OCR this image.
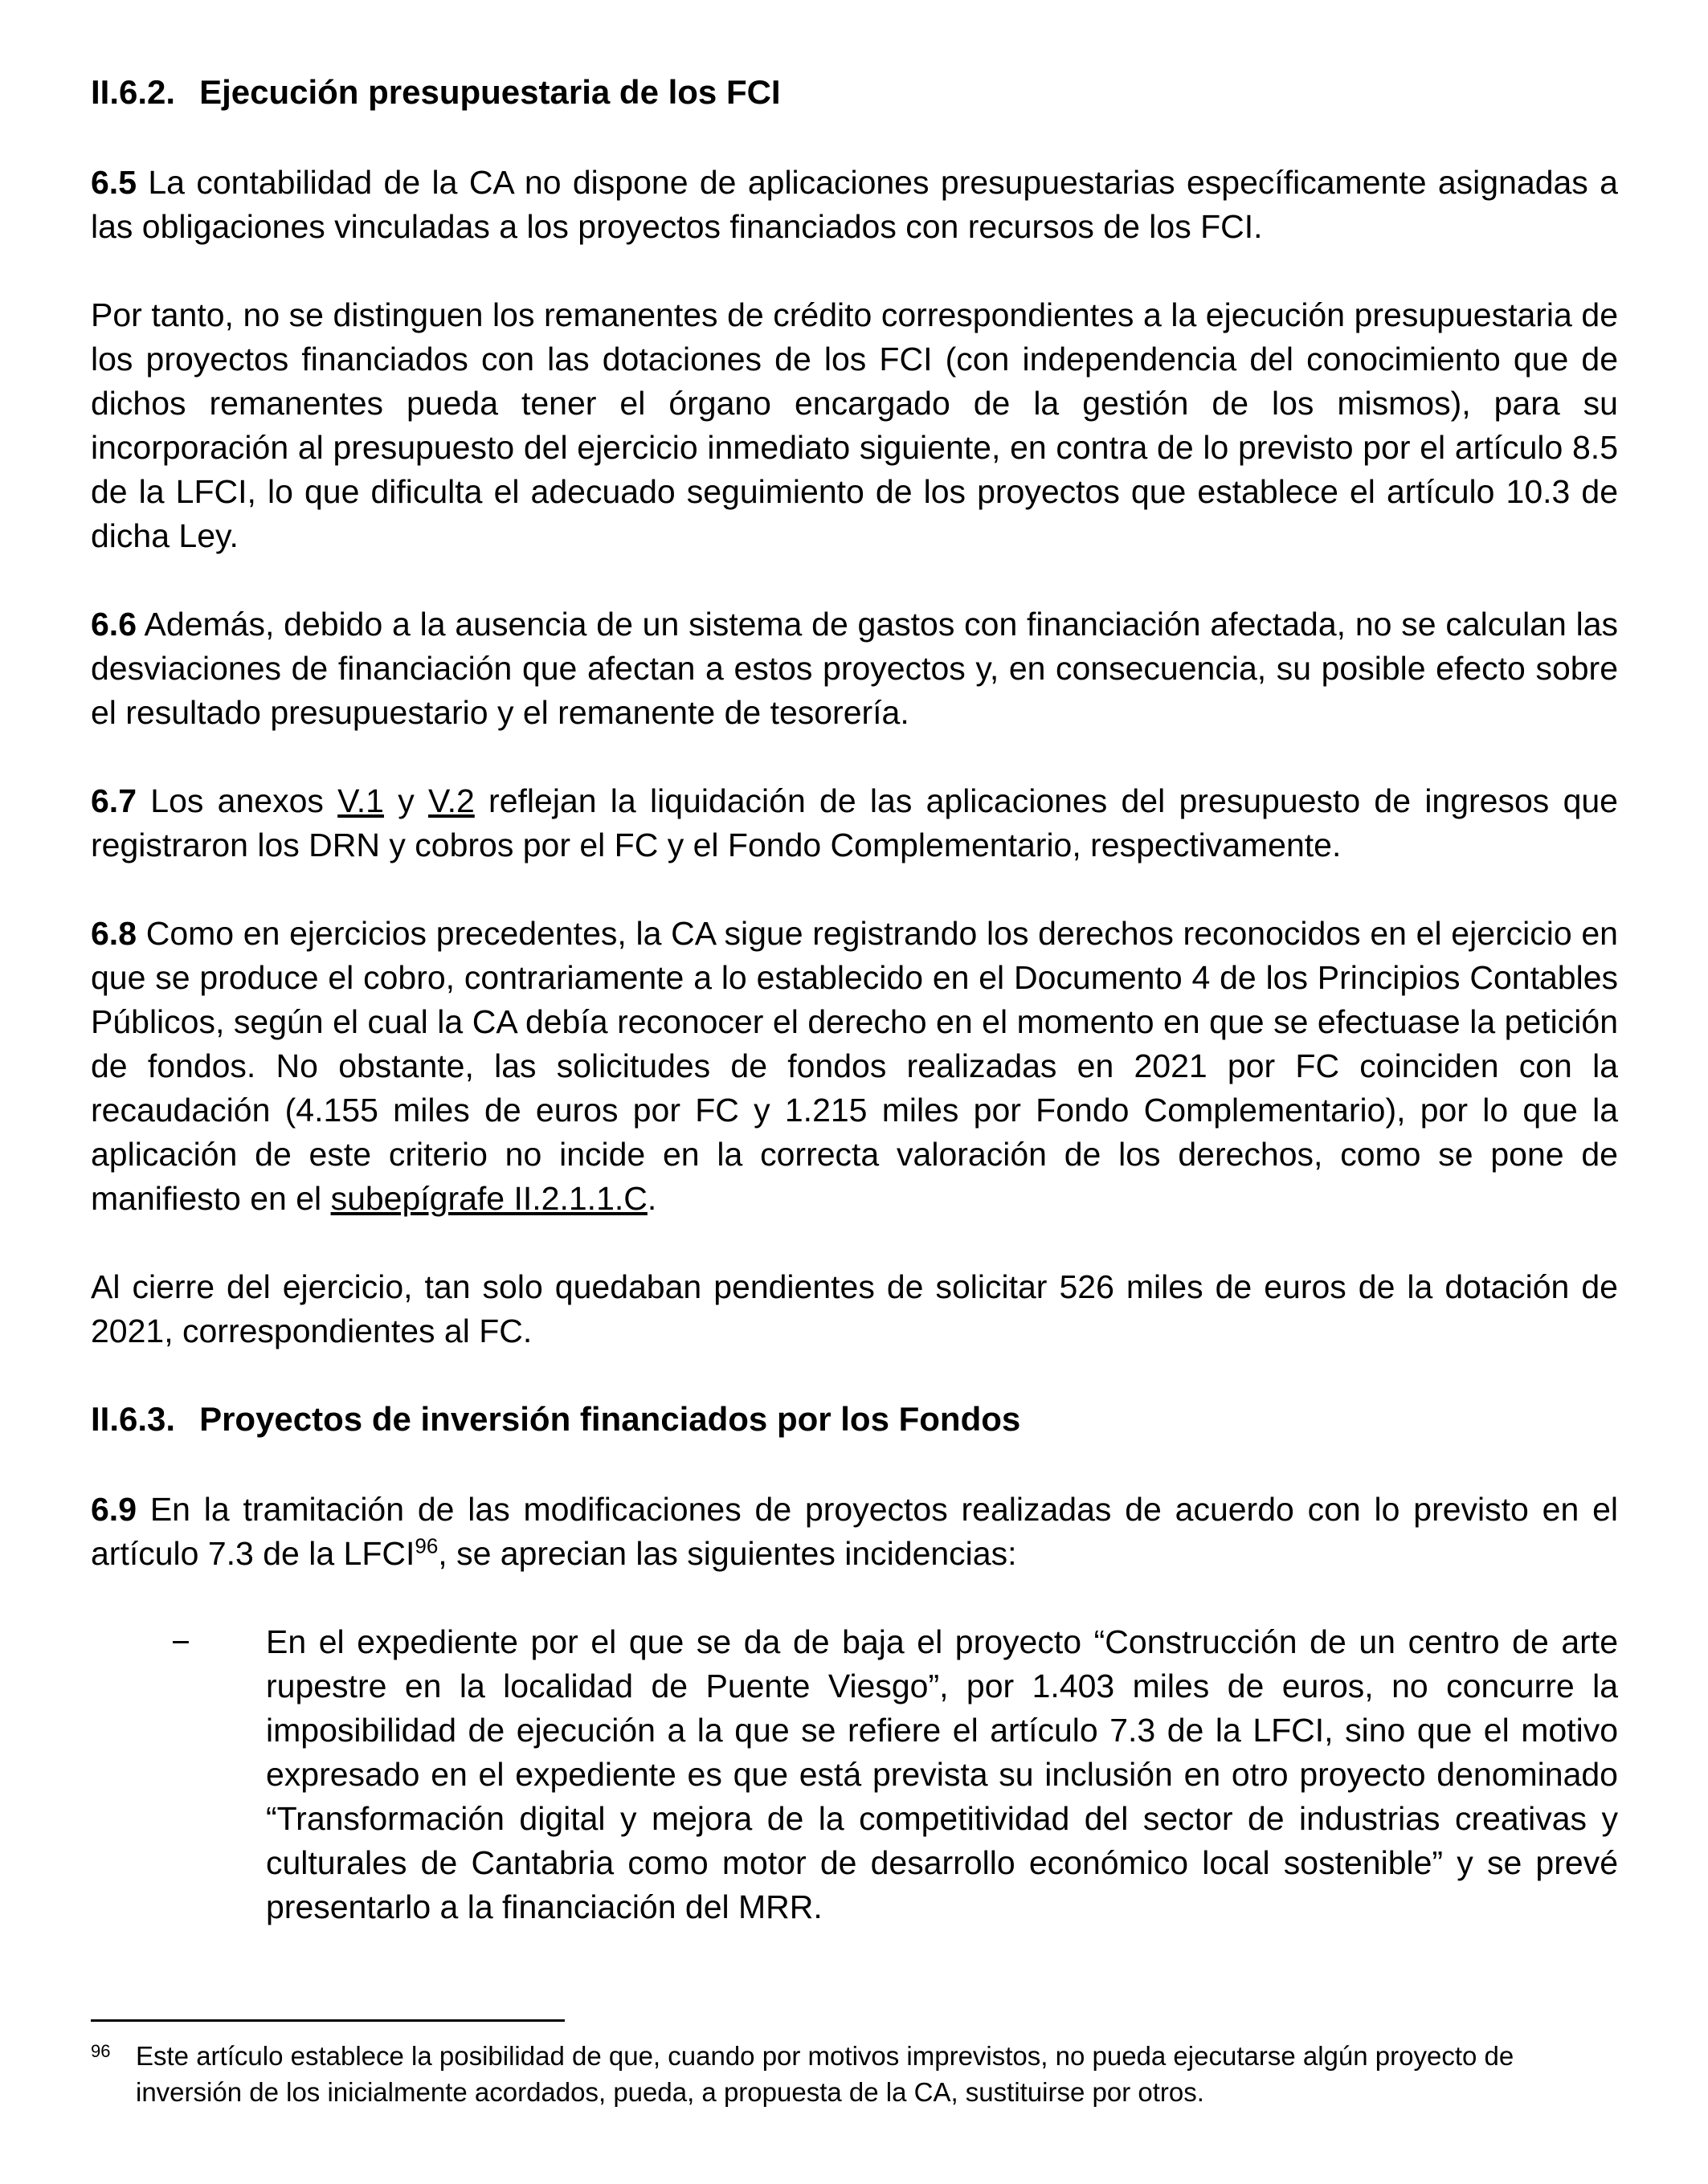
II.6.2. Ejecución presupuestaria de los FCI

6.5 La contabilidad de la CA no dispone de aplicaciones presupuestarias específicamente asignadas a las obligaciones vinculadas a los proyectos financiados con recursos de los FCI.

Por tanto, no se distinguen los remanentes de crédito correspondientes a la ejecución presupuestaria de los proyectos financiados con las dotaciones de los FCI (con independencia del conocimiento que de dichos remanentes pueda tener el órgano encargado de la gestión de los mismos), para su incorporación al presupuesto del ejercicio inmediato siguiente, en contra de lo previsto por el artículo 8.5 de la LFCI, lo que dificulta el adecuado seguimiento de los proyectos que establece el artículo 10.3 de dicha Ley.

6.6 Además, debido a la ausencia de un sistema de gastos con financiación afectada, no se calculan las desviaciones de financiación que afectan a estos proyectos y, en consecuencia, su posible efecto sobre el resultado presupuestario y el remanente de tesorería.

6.7 Los anexos V.1 y V.2 reflejan la liquidación de las aplicaciones del presupuesto de ingresos que registraron los DRN y cobros por el FC y el Fondo Complementario, respectivamente.

6.8 Como en ejercicios precedentes, la CA sigue registrando los derechos reconocidos en el ejercicio en que se produce el cobro, contrariamente a lo establecido en el Documento 4 de los Principios Contables Públicos, según el cual la CA debía reconocer el derecho en el momento en que se efectuase la petición de fondos. No obstante, las solicitudes de fondos realizadas en 2021 por FC coinciden con la recaudación (4.155 miles de euros por FC y 1.215 miles por Fondo Complementario), por lo que la aplicación de este criterio no incide en la correcta valoración de los derechos, como se pone de manifiesto en el subepígrafe II.2.1.1.C.

Al cierre del ejercicio, tan solo quedaban pendientes de solicitar 526 miles de euros de la dotación de 2021, correspondientes al FC.

II.6.3. Proyectos de inversión financiados por los Fondos

6.9 En la tramitación de las modificaciones de proyectos realizadas de acuerdo con lo previsto en el artículo 7.3 de la LFCI$^{96}$, se aprecian las siguientes incidencias:

−	En el expediente por el que se da de baja el proyecto “Construcción de un centro de arte rupestre en la localidad de Puente Viesgo”, por 1.403 miles de euros, no concurre la imposibilidad de ejecución a la que se refiere el artículo 7.3 de la LFCI, sino que el motivo expresado en el expediente es que está prevista su inclusión en otro proyecto denominado “Transformación digital y mejora de la competitividad del sector de industrias creativas y culturales de Cantabria como motor de desarrollo económico local sostenible” y se prevé presentarlo a la financiación del MRR.
96 Este artículo establece la posibilidad de que, cuando por motivos imprevistos, no pueda ejecutarse algún proyecto de inversión de los inicialmente acordados, pueda, a propuesta de la CA, sustituirse por otros.
